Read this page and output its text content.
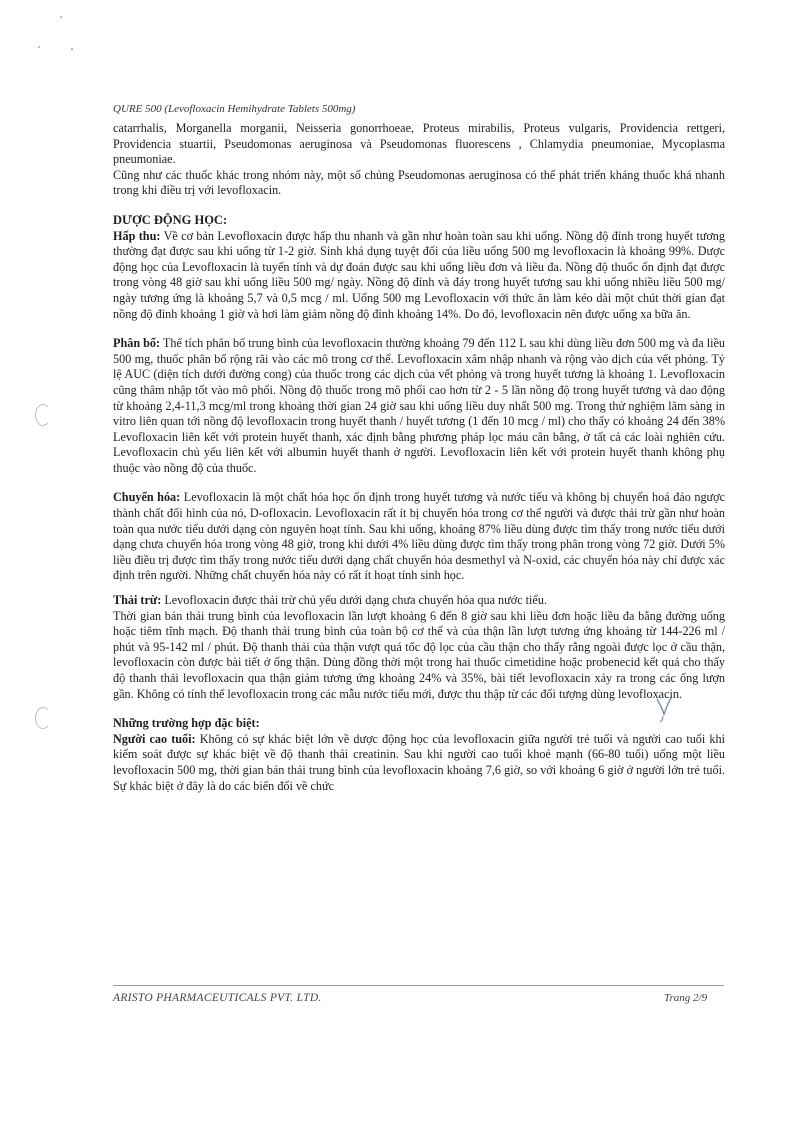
QURE 500 (Levofloxacin Hemihydrate Tablets 500mg)

catarrhalis, Morganella morganii, Neisseria gonorrhoeae, Proteus mirabilis, Proteus vulgaris, Providencia rettgeri, Providencia stuartii, Pseudomonas aeruginosa và Pseudomonas fluorescens , Chlamydia pneumoniae, Mycoplasma pneumoniae.

Cũng như các thuốc khác trong nhóm này, một số chủng Pseudomonas aeruginosa có thể phát triển kháng thuốc khá nhanh trong khi điều trị với levofloxacin.

DƯỢC ĐỘNG HỌC:

Hấp thu: Về cơ bản Levofloxacin được hấp thu nhanh và gần như hoàn toàn sau khi uống. Nồng độ đỉnh trong huyết tương thường đạt được sau khi uống từ 1-2 giờ. Sinh khả dụng tuyệt đối của liều uống 500 mg levofloxacin là khoảng 99%. Dược động học của Levofloxacin là tuyến tính và dự đoán được sau khi uống liều đơn và liều đa. Nồng độ thuốc ổn định đạt được trong vòng 48 giờ sau khi uống liều 500 mg/ ngày. Nồng độ đỉnh và đáy trong huyết tương sau khi uống nhiều liều 500 mg/ ngày tương ứng là khoảng 5,7 và 0,5 mcg / ml. Uống 500 mg Levofloxacin với thức ăn làm kéo dài một chút thời gian đạt nồng độ đỉnh khoảng 1 giờ và hơi làm giảm nồng độ đỉnh khoảng 14%. Do đó, levofloxacin nên được uống xa bữa ăn.

Phân bố: Thể tích phân bố trung bình của levofloxacin thường khoảng 79 đến 112 L sau khi dùng liều đơn 500 mg và đa liều 500 mg, thuốc phân bố rộng rãi vào các mô trong cơ thể. Levofloxacin xâm nhập nhanh và rộng vào dịch của vết phỏng. Tỷ lệ AUC (diện tích dưới đường cong) của thuốc trong các dịch của vết phỏng và trong huyết tương là khoảng 1. Levofloxacin cũng thâm nhập tốt vào mô phổi. Nồng độ thuốc trong mô phổi cao hơn từ 2 - 5 lần nồng độ trong huyết tương và dao động từ khoảng 2,4-11,3 mcg/ml trong khoảng thời gian 24 giờ sau khi uống liều duy nhất 500 mg. Trong thử nghiệm lâm sàng in vitro liên quan tới nồng độ levofloxacin trong huyết thanh / huyết tương (1 đến 10 mcg / ml) cho thấy có khoảng 24 đến 38% Levofloxacin liên kết với protein huyết thanh, xác định bằng phương pháp lọc máu cân bằng, ở tất cả các loài nghiên cứu. Levofloxacin chủ yếu liên kết với albumin huyết thanh ở người. Levofloxacin liên kết với protein huyết thanh không phụ thuộc vào nồng độ của thuốc.

Chuyển hóa: Levofloxacin là một chất hóa học ổn định trong huyết tương và nước tiểu và không bị chuyển hoá đảo ngược thành chất đối hình của nó, D-ofloxacin. Levofloxacin rất ít bị chuyển hóa trong cơ thể người và được thải trừ gần như hoàn toàn qua nước tiểu dưới dạng còn nguyên hoạt tính. Sau khi uống, khoảng 87% liều dùng được tìm thấy trong nước tiểu dưới dạng chưa chuyển hóa trong vòng 48 giờ, trong khi dưới 4% liều dùng được tìm thấy trong phân trong vòng 72 giờ. Dưới 5% liều điều trị được tìm thấy trong nước tiểu dưới dạng chất chuyển hóa desmethyl và N-oxid, các chuyển hóa này chỉ được xác định trên người. Những chất chuyển hóa này có rất ít hoạt tính sinh học.

Thải trừ: Levofloxacin được thải trừ chủ yếu dưới dạng chưa chuyển hóa qua nước tiểu.

Thời gian bán thải trung bình của levofloxacin lần lượt khoảng 6 đến 8 giờ sau khi liều đơn hoặc liều đa bằng đường uống hoặc tiêm tĩnh mạch. Độ thanh thải trung bình của toàn bộ cơ thể và của thận lần lượt tương ứng khoảng từ 144-226 ml / phút và 95-142 ml / phút. Độ thanh thải của thận vượt quá tốc độ lọc của cầu thận cho thấy rằng ngoài được lọc ở cầu thận, levofloxacin còn được bài tiết ở ống thận. Dùng đồng thời một trong hai thuốc cimetidine hoặc probenecid kết quả cho thấy độ thanh thải levofloxacin qua thận giảm tương ứng khoảng 24% và 35%, bài tiết levofloxacin xảy ra trong các ống lượn gần. Không có tính thể levofloxacin trong các mẫu nước tiểu mới, được thu thập từ các đối tượng dùng levofloxacin.

Những trường hợp đặc biệt:

Người cao tuổi: Không có sự khác biệt lớn về dược động học của levofloxacin giữa người trẻ tuổi và người cao tuổi khi kiểm soát được sự khác biệt về độ thanh thải creatinin. Sau khi người cao tuổi khoẻ mạnh (66-80 tuổi) uống một liều levofloxacin 500 mg, thời gian bán thải trung bình của levofloxacin khoảng 7,6 giờ, so với khoảng 6 giờ ở người lớn trẻ tuổi. Sự khác biệt ở đây là do các biến đổi về chức

ARISTO PHARMACEUTICALS PVT. LTD.	Trang 2/9
